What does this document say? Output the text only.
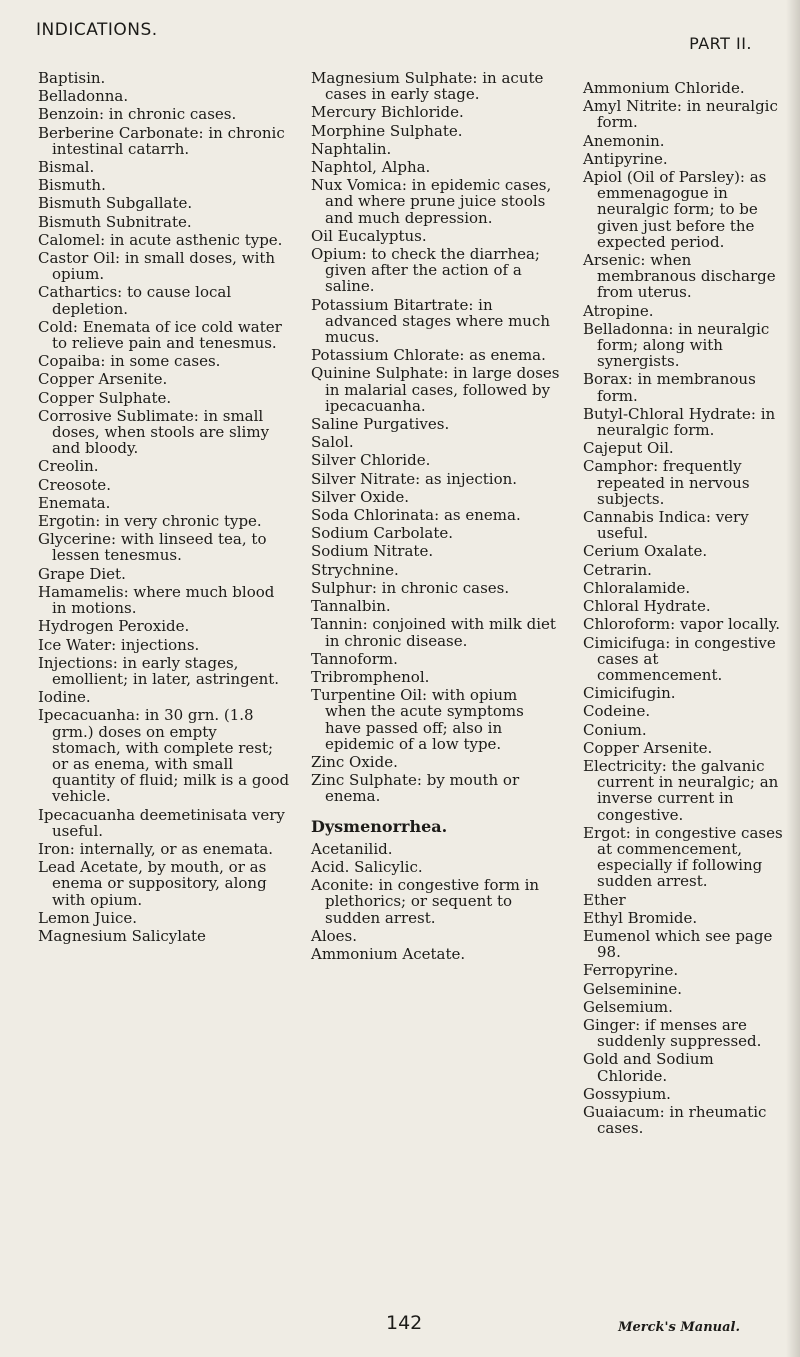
INDICATIONS.
PART II.
Baptisin.
Belladonna.
Benzoin: in chronic cases.
Berberine Carbonate: in chronic intestinal catarrh.
Bismal.
Bismuth.
Bismuth Subgallate.
Bismuth Subnitrate.
Calomel: in acute asthenic type.
Castor Oil: in small doses, with opium.
Cathartics: to cause local depletion.
Cold: Enemata of ice cold water to relieve pain and tenesmus.
Copaiba: in some cases.
Copper Arsenite.
Copper Sulphate.
Corrosive Sublimate: in small doses, when stools are slimy and bloody.
Creolin.
Creosote.
Enemata.
Ergotin: in very chronic type.
Glycerine: with linseed tea, to lessen tenesmus.
Grape Diet.
Hamamelis: where much blood in motions.
Hydrogen Peroxide.
Ice Water: injections.
Injections: in early stages, emollient; in later, astringent.
Iodine.
Ipecacuanha: in 30 grn. (1.8 grm.) doses on empty stomach, with complete rest; or as enema, with small quantity of fluid; milk is a good vehicle.
Ipecacuanha deemetinisata very useful.
Iron: internally, or as enemata.
Lead Acetate, by mouth, or as enema or suppository, along with opium.
Lemon Juice.
Magnesium Salicylate
Magnesium Sulphate: in acute cases in early stage.
Mercury Bichloride.
Morphine Sulphate.
Naphtalin.
Naphtol, Alpha.
Nux Vomica: in epidemic cases, and where prune juice stools and much depression.
Oil Eucalyptus.
Opium: to check the diarrhea; given after the action of a saline.
Potassium Bitartrate: in advanced stages where much mucus.
Potassium Chlorate: as enema.
Quinine Sulphate: in large doses in malarial cases, followed by ipecacuanha.
Saline Purgatives.
Salol.
Silver Chloride.
Silver Nitrate: as injection.
Silver Oxide.
Soda Chlorinata: as enema.
Sodium Carbolate.
Sodium Nitrate.
Strychnine.
Sulphur: in chronic cases.
Tannalbin.
Tannin: conjoined with milk diet in chronic disease.
Tannoform.
Tribromphenol.
Turpentine Oil: with opium when the acute symptoms have passed off; also in epidemic of a low type.
Zinc Oxide.
Zinc Sulphate: by mouth or enema.
Dysmenorrhea.
Acetanilid.
Acid. Salicylic.
Aconite: in congestive form in plethorics; or sequent to sudden arrest.
Aloes.
Ammonium Acetate.
Ammonium Chloride.
Amyl Nitrite: in neuralgic form.
Anemonin.
Antipyrine.
Apiol (Oil of Parsley): as emmenagogue in neuralgic form; to be given just before the expected period.
Arsenic: when membranous discharge from uterus.
Atropine.
Belladonna: in neuralgic form; along with synergists.
Borax: in membranous form.
Butyl-Chloral Hydrate: in neuralgic form.
Cajeput Oil.
Camphor: frequently repeated in nervous subjects.
Cannabis Indica: very useful.
Cerium Oxalate.
Cetrarin.
Chloralamide.
Chloral Hydrate.
Chloroform: vapor locally.
Cimicifuga: in congestive cases at commencement.
Cimicifugin.
Codeine.
Conium.
Copper Arsenite.
Electricity: the galvanic current in neuralgic; an inverse current in congestive.
Ergot: in congestive cases at commencement, especially if following sudden arrest.
Ether
Ethyl Bromide.
Eumenol which see page 98.
Ferropyrine.
Gelseminine.
Gelsemium.
Ginger: if menses are suddenly suppressed.
Gold and Sodium Chloride.
Gossypium.
Guaiacum: in rheumatic cases.
142	Merck's Manual.
